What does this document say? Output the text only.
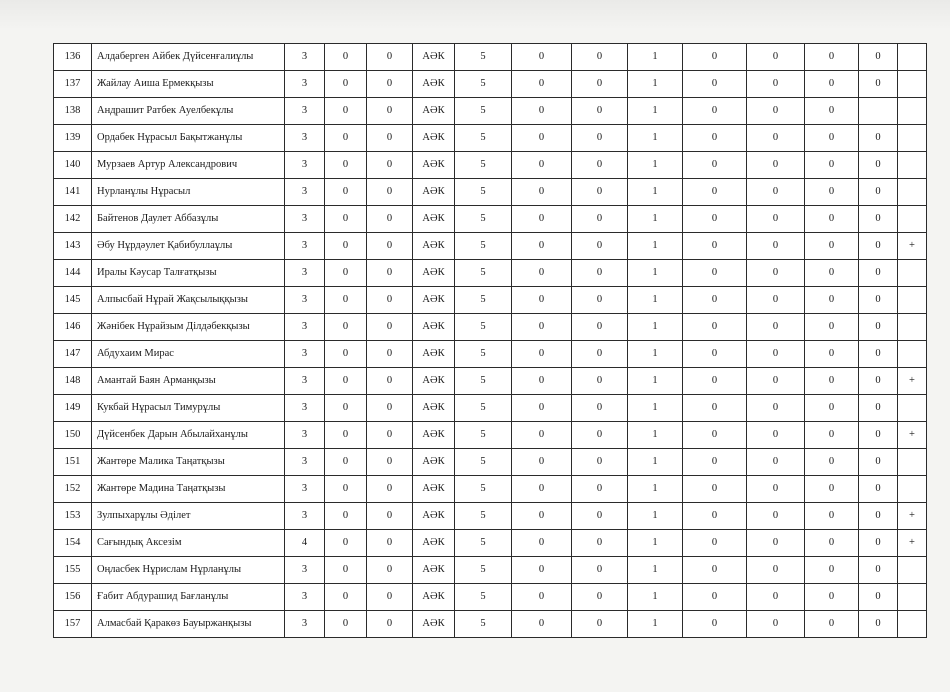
136	Алдаберген Айбек Дүйсенғалиұлы	3	0	0	АӘК	5	0	0	1	0	0	0	0	
137	Жайлау Аиша Ермекқызы	3	0	0	АӘК	5	0	0	1	0	0	0	0	
138	Андрашит Ратбек Ауелбекұлы	3	0	0	АӘК	5	0	0	1	0	0	0		
139	Ордабек Нұрасыл Бақытжанұлы	3	0	0	АӘК	5	0	0	1	0	0	0	0	
140	Мурзаев Артур Александрович	3	0	0	АӘК	5	0	0	1	0	0	0	0	
141	Нурланұлы Нұрасыл	3	0	0	АӘК	5	0	0	1	0	0	0	0	
142	Байтенов Даулет Аббазұлы	3	0	0	АӘК	5	0	0	1	0	0	0	0	
143	Әбу Нұрдәулет Қабибуллаұлы	3	0	0	АӘК	5	0	0	1	0	0	0	0	+
144	Иралы Кәусар Талғатқызы	3	0	0	АӘК	5	0	0	1	0	0	0	0	
145	Алпысбай Нұрай Жақсылыққызы	3	0	0	АӘК	5	0	0	1	0	0	0	0	
146	Жәнібек Нұрайзым Ділдәбекқызы	3	0	0	АӘК	5	0	0	1	0	0	0	0	
147	Абдухаим Мирас	3	0	0	АӘК	5	0	0	1	0	0	0	0	
148	Амантай Баян Арманқызы	3	0	0	АӘК	5	0	0	1	0	0	0	0	+
149	Кукбай Нұрасыл Тимурұлы	3	0	0	АӘК	5	0	0	1	0	0	0	0	
150	Дүйсенбек Дарын Абылайханұлы	3	0	0	АӘК	5	0	0	1	0	0	0	0	+
151	Жантөре Малика Таңатқызы	3	0	0	АӘК	5	0	0	1	0	0	0	0	
152	Жантөре Мадина Таңатқызы	3	0	0	АӘК	5	0	0	1	0	0	0	0	
153	Зулпыхарұлы Әділет	3	0	0	АӘК	5	0	0	1	0	0	0	0	+
154	Сағындық Аксезім	4	0	0	АӘК	5	0	0	1	0	0	0	0	+
155	Оңласбек Нұрислам Нұрланұлы	3	0	0	АӘК	5	0	0	1	0	0	0	0	
156	Ғабит Абдурашид Бағланұлы	3	0	0	АӘК	5	0	0	1	0	0	0	0	
157	Алмасбай Қаракөз Бауыржанқызы	3	0	0	АӘК	5	0	0	1	0	0	0	0	
